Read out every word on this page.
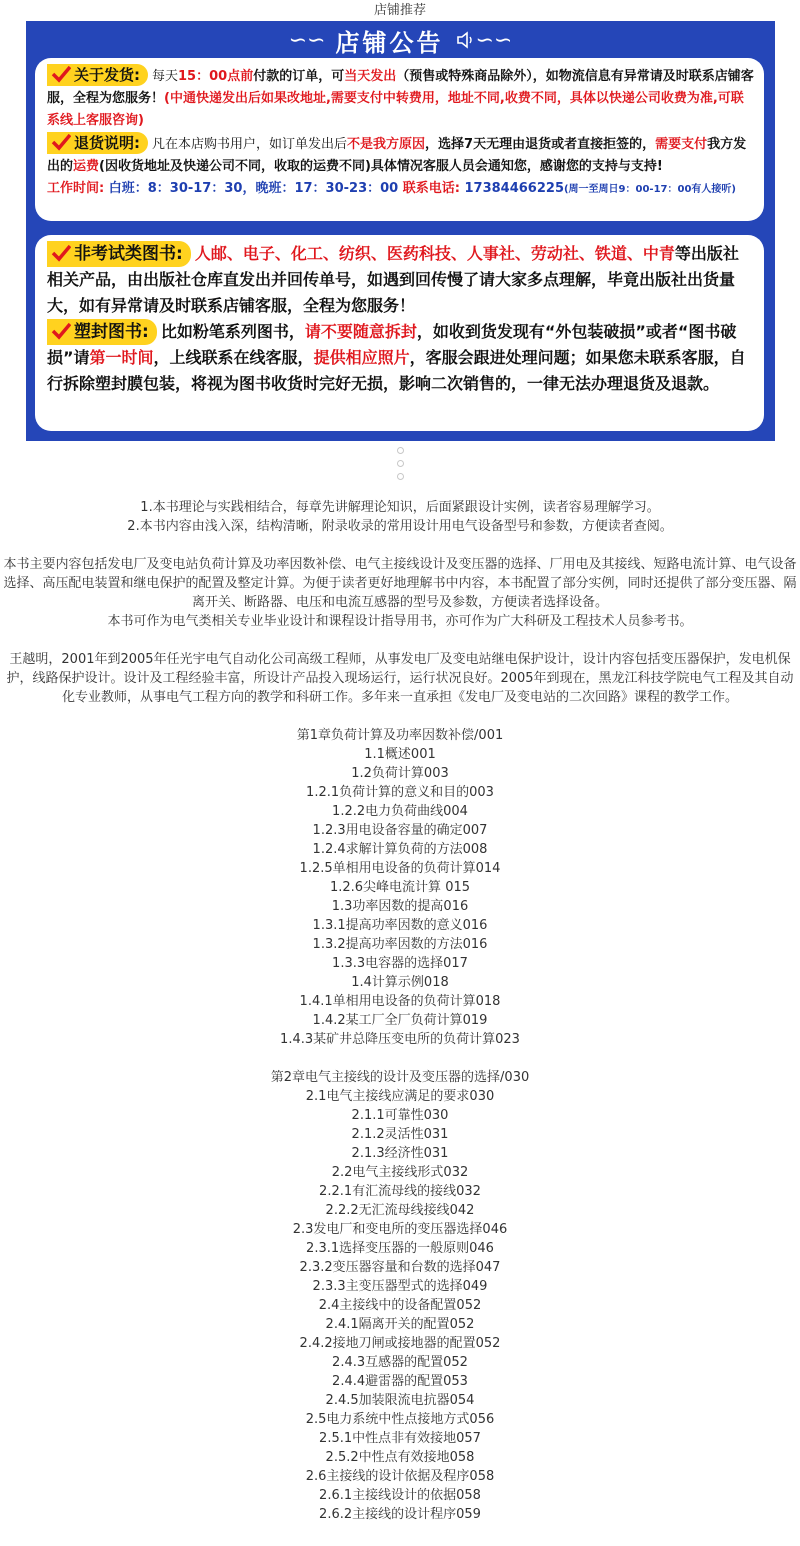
店铺推荐
∽∽ 店铺公告 ∽∽
关于发货: 每天15：00点前付款的订单，可当天发出（预售或特殊商品除外），如物流信息有异常请及时联系店铺客服，全程为您服务！(中通快递发出后如果改地址,需要支付中转费用，地址不同,收费不同，具体以快递公司收费为准,可联系线上客服咨询)
退货说明: 凡在本店购书用户，如订单发出后不是我方原因，选择7天无理由退货或者直接拒签的，需要支付我方发出的运费(因收货地址及快递公司不同，收取的运费不同)具体情况客服人员会通知您，感谢您的支持与支持!
工作时间: 白班：8：30-17：30，晚班：17：30-23：00 联系电话: 17384466225(周一至周日9：00-17：00有人接听)
非考试类图书: 人邮、电子、化工、纺织、医药科技、人事社、劳动社、铁道、中青等出版社相关产品，由出版社仓库直发出并回传单号，如遇到回传慢了请大家多点理解，毕竟出版社出货量大，如有异常请及时联系店铺客服，全程为您服务！
塑封图书: 比如粉笔系列图书，请不要随意拆封，如收到货发现有“外包装破损”或者“图书破损”请第一时间，上线联系在线客服，提供相应照片，客服会跟进处理问题；如果您未联系客服，自行拆除塑封膜包装，将视为图书收货时完好无损，影响二次销售的，一律无法办理退货及退款。

1.本书理论与实践相结合，每章先讲解理论知识，后面紧跟设计实例，读者容易理解学习。

2.本书内容由浅入深，结构清晰，附录收录的常用设计用电气设备型号和参数，方便读者查阅。

本书主要内容包括发电厂及变电站负荷计算及功率因数补偿、电气主接线设计及变压器的选择、厂用电及其接线、短路电流计算、电气设备选择、高压配电装置和继电保护的配置及整定计算。为便于读者更好地理解书中内容，本书配置了部分实例，同时还提供了部分变压器、隔离开关、断路器、电压和电流互感器的型号及参数，方便读者选择设备。

本书可作为电气类相关专业毕业设计和课程设计指导用书，亦可作为广大科研及工程技术人员参考书。

王越明，2001年到2005年任光宇电气自动化公司高级工程师，从事发电厂及变电站继电保护设计，设计内容包括变压器保护，发电机保护，线路保护设计。设计及工程经验丰富，所设计产品投入现场运行，运行状况良好。2005年到现在，黑龙江科技学院电气工程及其自动化专业教师，从事电气工程方向的教学和科研工作。多年来一直承担《发电厂及变电站的二次回路》课程的教学工作。

第1章负荷计算及功率因数补偿/001

1.1概述001

1.2负荷计算003

1.2.1负荷计算的意义和目的003

1.2.2电力负荷曲线004

1.2.3用电设备容量的确定007

1.2.4求解计算负荷的方法008

1.2.5单相用电设备的负荷计算014

1.2.6尖峰电流计算 015

1.3功率因数的提高016

1.3.1提高功率因数的意义016

1.3.2提高功率因数的方法016

1.3.3电容器的选择017

1.4计算示例018

1.4.1单相用电设备的负荷计算018

1.4.2某工厂全厂负荷计算019

1.4.3某矿井总降压变电所的负荷计算023

第2章电气主接线的设计及变压器的选择/030

2.1电气主接线应满足的要求030

2.1.1可靠性030

2.1.2灵活性031

2.1.3经济性031

2.2电气主接线形式032

2.2.1有汇流母线的接线032

2.2.2无汇流母线接线042

2.3发电厂和变电所的变压器选择046

2.3.1选择变压器的一般原则046

2.3.2变压器容量和台数的选择047

2.3.3主变压器型式的选择049

2.4主接线中的设备配置052

2.4.1隔离开关的配置052

2.4.2接地刀闸或接地器的配置052

2.4.3互感器的配置052

2.4.4避雷器的配置053

2.4.5加装限流电抗器054

2.5电力系统中性点接地方式056

2.5.1中性点非有效接地057

2.5.2中性点有效接地058

2.6主接线的设计依据及程序058

2.6.1主接线设计的依据058

2.6.2主接线的设计程序059
